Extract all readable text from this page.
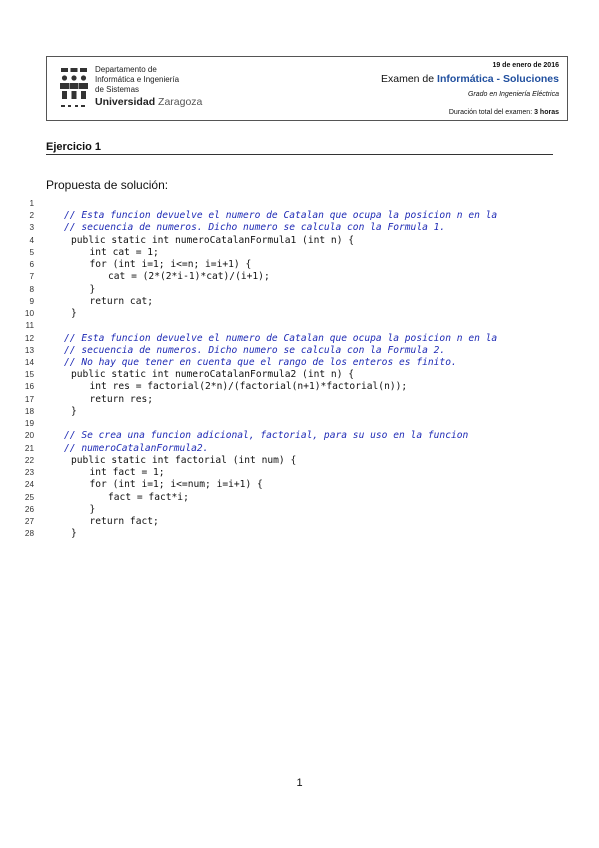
Departamento de
Informática e Ingeniería
de Sistemas
Universidad Zaragoza
19 de enero de 2016
Examen de Informática - Soluciones
Grado en Ingeniería Eléctrica
Duración total del examen: 3 horas
Ejercicio 1
Propuesta de solución:
1
2	// Esta funcion devuelve el numero de Catalan que ocupa la posicion n en la
3	// secuencia de numeros. Dicho numero se calcula con la Formula 1.
4	public static int numeroCatalanFormula1 (int n) {
5	int cat = 1;
6	for (int i=1; i<=n; i=i+1) {
7	cat = (2*(2*i-1)*cat)/(i+1);
8	}
9	return cat;
10	}
11
12	// Esta funcion devuelve el numero de Catalan que ocupa la posicion n en la
13	// secuencia de numeros. Dicho numero se calcula con la Formula 2.
14	// No hay que tener en cuenta que el rango de los enteros es finito.
15	public static int numeroCatalanFormula2 (int n) {
16	int res = factorial(2*n)/(factorial(n+1)*factorial(n));
17	return res;
18	}
19
20	// Se crea una funcion adicional, factorial, para su uso en la funcion
21	// numeroCatalanFormula2.
22	public static int factorial (int num) {
23	int fact = 1;
24	for (int i=1; i<=num; i=i+1) {
25	fact = fact*i;
26	}
27	return fact;
28	}
1
